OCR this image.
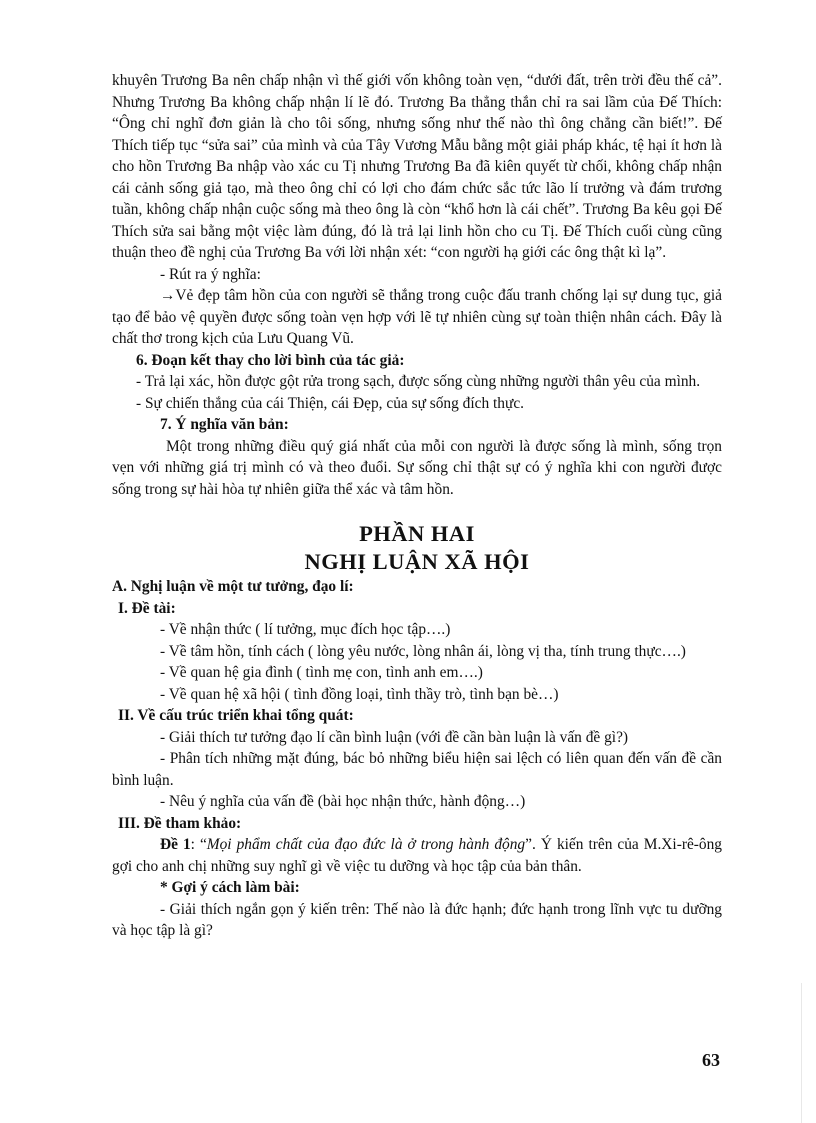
khuyên Trương Ba nên chấp nhận vì thế giới vốn không toàn vẹn, “dưới đất, trên trời đều thế cả”. Nhưng Trương Ba không chấp nhận lí lẽ đó. Trương Ba thẳng thắn chỉ ra sai lầm của Đế Thích: “Ông chỉ nghĩ đơn giản là cho tôi sống, nhưng sống như thế nào thì ông chẳng cần biết!”. Đế Thích tiếp tục “sửa sai” của mình và của Tây Vương Mẫu bằng một giải pháp khác, tệ hại ít hơn là cho hồn Trương Ba nhập vào xác cu Tị nhưng Trương Ba đã kiên quyết từ chối, không chấp nhận cái cảnh sống giả tạo, mà theo ông chỉ có lợi cho đám chức sắc tức lão lí trưởng và đám trương tuần, không chấp nhận cuộc sống mà theo ông là còn “khổ hơn là cái chết”. Trương Ba kêu gọi Đế Thích sửa sai bằng một việc làm đúng, đó là trả lại linh hồn cho cu Tị. Đế Thích cuối cùng cũng thuận theo đề nghị của Trương Ba với lời nhận xét: “con người hạ giới các ông thật kì lạ”.

- Rút ra ý nghĩa:

→Vẻ đẹp tâm hồn của con người sẽ thắng trong cuộc đấu tranh chống lại sự dung tục, giả tạo để bảo vệ quyền được sống toàn vẹn hợp với lẽ tự nhiên cùng sự toàn thiện nhân cách. Đây là chất thơ trong kịch của Lưu Quang Vũ.

6. Đoạn kết thay cho lời bình của tác giả:

- Trả lại xác, hồn được gột rửa trong sạch, được sống cùng những người thân yêu của mình.

- Sự chiến thắng của cái Thiện, cái Đẹp, của sự sống đích thực.

7. Ý nghĩa văn bản:

Một trong những điều quý giá nhất của mỗi con người là được sống là mình, sống trọn vẹn với những giá trị mình có và theo đuổi. Sự sống chỉ thật sự có ý nghĩa khi con người được sống trong sự hài hòa tự nhiên giữa thể xác và tâm hồn.

PHẦN HAI

NGHỊ LUẬN XÃ HỘI

A. Nghị luận về một tư tưởng, đạo lí:

I. Đề tài:

- Về nhận thức ( lí tưởng, mục đích học tập….)

- Về tâm hồn, tính cách ( lòng yêu nước, lòng nhân ái, lòng vị tha, tính trung thực….)

- Về quan hệ gia đình ( tình mẹ con, tình anh em….)

- Về quan hệ xã hội ( tình đồng loại, tình thầy trò, tình bạn bè…)

II. Về cấu trúc triển khai tổng quát:

- Giải thích tư tưởng đạo lí cần bình luận (với đề cần bàn luận là vấn đề gì?)

- Phân tích những mặt đúng, bác bỏ những biểu hiện sai lệch có liên quan đến vấn đề cần bình luận.

- Nêu ý nghĩa của vấn đề (bài học nhận thức, hành động…)

III. Đề tham khảo:

Đề 1: “Mọi phẩm chất của đạo đức là ở trong hành động”. Ý kiến trên của M.Xi-rê-ông gợi cho anh chị những suy nghĩ gì về việc tu dưỡng và học tập của bản thân.

* Gợi ý cách làm bài:

- Giải thích ngắn gọn ý kiến trên: Thế nào là đức hạnh; đức hạnh trong lĩnh vực tu dưỡng và học tập là gì?

63
